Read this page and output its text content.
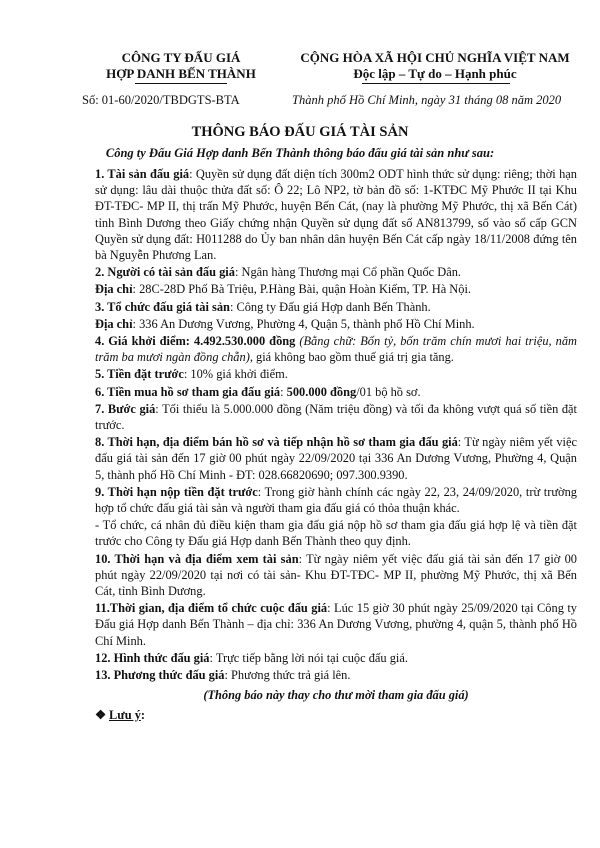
CÔNG TY ĐẤU GIÁ
HỢP DANH BẾN THÀNH
Số: 01-60/2020/TBDGTS-BTA
CỘNG HÒA XÃ HỘI CHỦ NGHĨA VIỆT NAM
Độc lập – Tự do – Hạnh phúc
Thành phố Hồ Chí Minh, ngày 31 tháng 08 năm 2020
THÔNG BÁO ĐẤU GIÁ TÀI SẢN
Công ty Đấu Giá Hợp danh Bến Thành thông báo đấu giá tài sản như sau:

1. Tài sản đấu giá: Quyền sử dụng đất diện tích 300m2 ODT hình thức sử dụng: riêng; thời hạn sử dụng: lâu dài thuộc thửa đất số: Ô 22; Lô NP2, tờ bản đồ số: 1-KTĐC Mỹ Phước II tại Khu ĐT-TĐC- MP II, thị trấn Mỹ Phước, huyện Bến Cát, (nay là phường Mỹ Phước, thị xã Bến Cát) tỉnh Bình Dương theo Giấy chứng nhận Quyền sử dụng đất số AN813799, số vào sổ cấp GCN Quyền sử dụng đất: H011288 do Ủy ban nhân dân huyện Bến Cát cấp ngày 18/11/2008 đứng tên bà Nguyễn Phương Lan.

2. Người có tài sản đấu giá: Ngân hàng Thương mại Cổ phần Quốc Dân.

Địa chỉ: 28C-28D Phố Bà Triệu, P.Hàng Bài, quận Hoàn Kiếm, TP. Hà Nội.

3. Tổ chức đấu giá tài sản: Công ty Đấu giá Hợp danh Bến Thành.

Địa chỉ: 336 An Dương Vương, Phường 4, Quận 5, thành phố Hồ Chí Minh.

4. Giá khởi điểm: 4.492.530.000 đồng (Bằng chữ: Bốn tỷ, bốn trăm chín mươi hai triệu, năm trăm ba mươi ngàn đồng chẵn), giá không bao gồm thuế giá trị gia tăng.

5. Tiền đặt trước: 10% giá khởi điểm.

6. Tiền mua hồ sơ tham gia đấu giá: 500.000 đồng/01 bộ hồ sơ.

7. Bước giá: Tối thiểu là 5.000.000 đồng (Năm triệu đồng) và tối đa không vượt quá số tiền đặt trước.

8. Thời hạn, địa điểm bán hồ sơ và tiếp nhận hồ sơ tham gia đấu giá: Từ ngày niêm yết việc đấu giá tài sản đến 17 giờ 00 phút ngày 22/09/2020 tại 336 An Dương Vương, Phường 4, Quận 5, thành phố Hồ Chí Minh - ĐT: 028.66820690; 097.300.9390.

9. Thời hạn nộp tiền đặt trước: Trong giờ hành chính các ngày 22, 23, 24/09/2020, trừ trường hợp tổ chức đấu giá tài sản và người tham gia đấu giá có thỏa thuận khác.

- Tổ chức, cá nhân đủ điều kiện tham gia đấu giá nộp hồ sơ tham gia đấu giá hợp lệ và tiền đặt trước cho Công ty Đấu giá Hợp danh Bến Thành theo quy định.

10. Thời hạn và địa điểm xem tài sản: Từ ngày niêm yết việc đấu giá tài sản đến 17 giờ 00 phút ngày 22/09/2020 tại nơi có tài sản- Khu ĐT-TĐC- MP II, phường Mỹ Phước, thị xã Bến Cát, tỉnh Bình Dương.

11.Thời gian, địa điểm tổ chức cuộc đấu giá: Lúc 15 giờ 30 phút ngày 25/09/2020 tại Công ty Đấu giá Hợp danh Bến Thành – địa chỉ: 336 An Dương Vương, phường 4, quận 5, thành phố Hồ Chí Minh.

12. Hình thức đấu giá: Trực tiếp bằng lời nói tại cuộc đấu giá.

13. Phương thức đấu giá: Phương thức trả giá lên.

(Thông báo này thay cho thư mời tham gia đấu giá)

❖ Lưu ý:
